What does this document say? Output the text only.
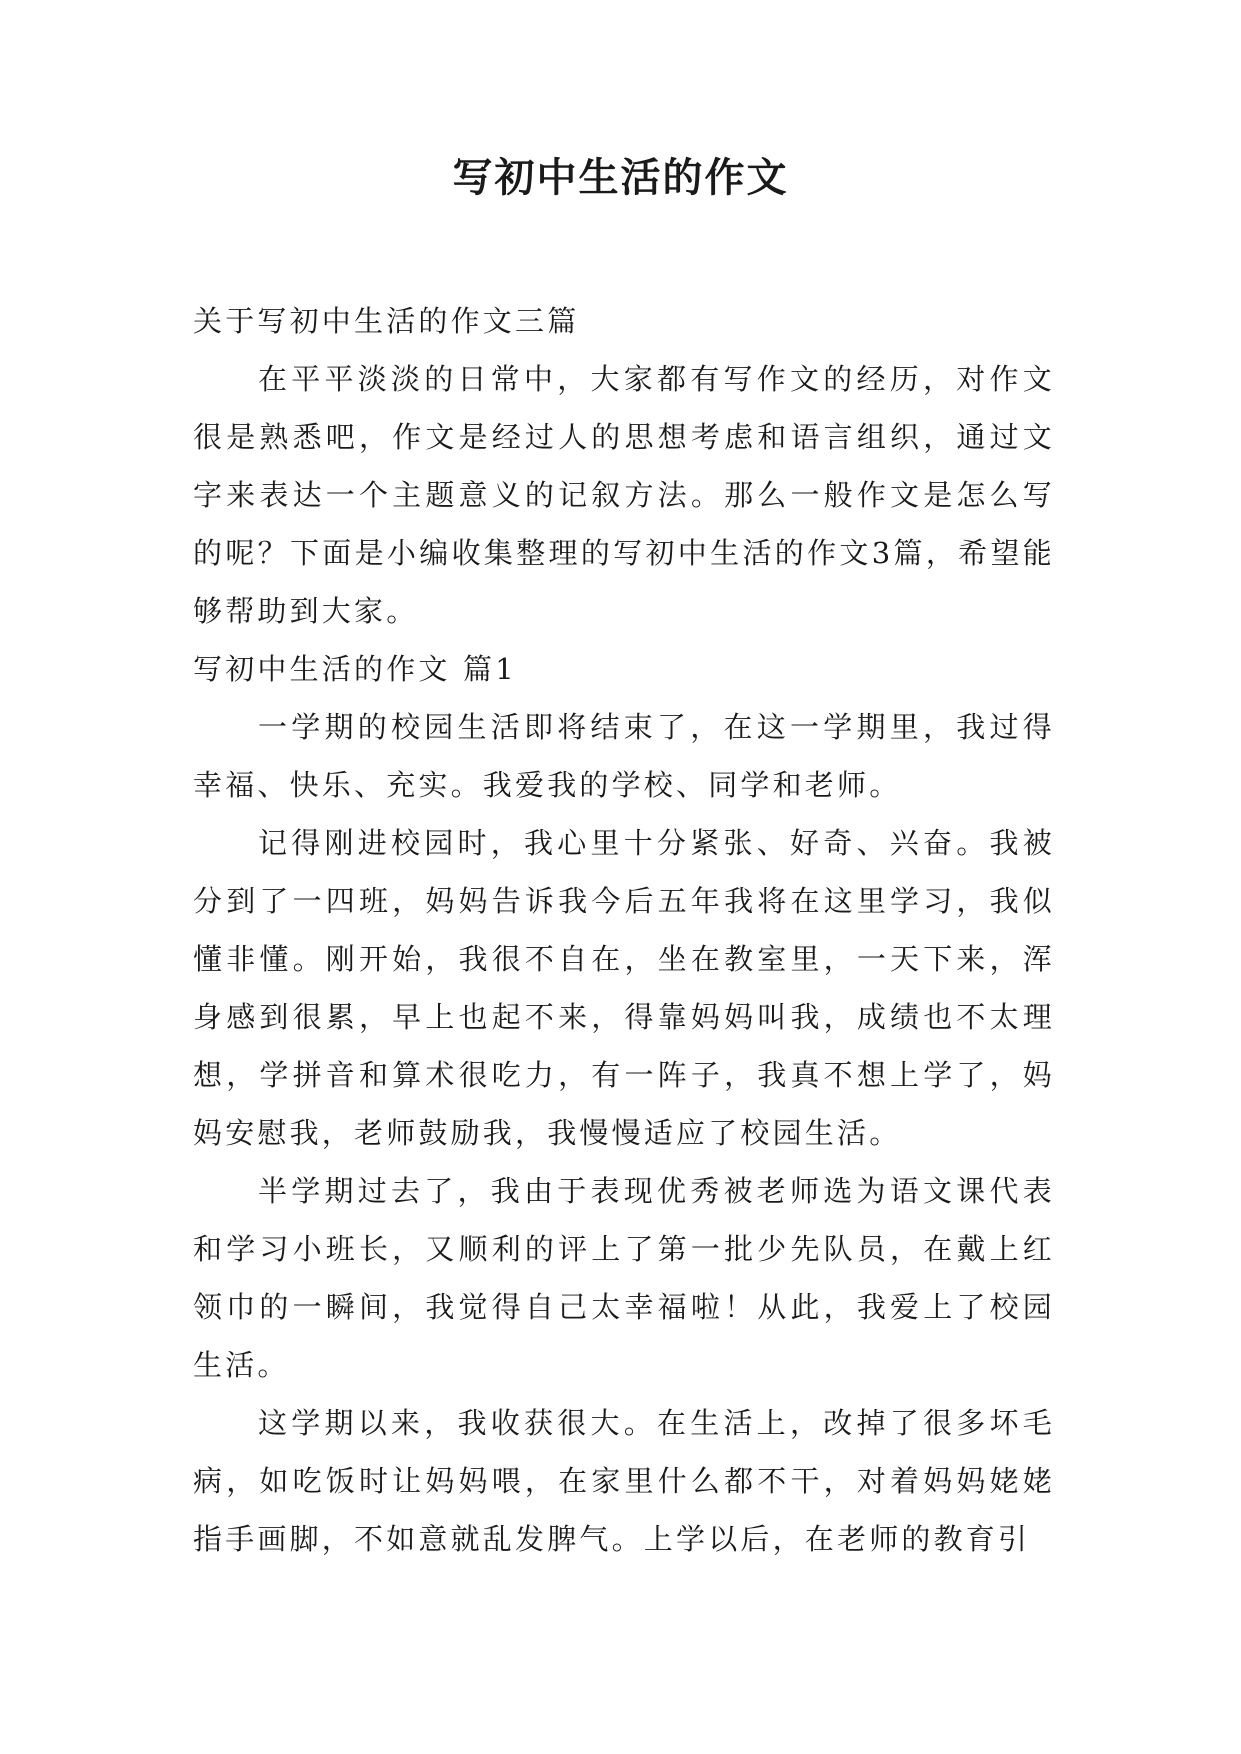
写初中生活的作文

关于写初中生活的作文三篇

在平平淡淡的日常中，大家都有写作文的经历，对作文很是熟悉吧，作文是经过人的思想考虑和语言组织，通过文字来表达一个主题意义的记叙方法。那么一般作文是怎么写的呢？下面是小编收集整理的写初中生活的作文3篇，希望能够帮助到大家。

写初中生活的作文 篇1

一学期的校园生活即将结束了，在这一学期里，我过得幸福、快乐、充实。我爱我的学校、同学和老师。

记得刚进校园时，我心里十分紧张、好奇、兴奋。我被分到了一四班，妈妈告诉我今后五年我将在这里学习，我似懂非懂。刚开始，我很不自在，坐在教室里，一天下来，浑身感到很累，早上也起不来，得靠妈妈叫我，成绩也不太理想，学拼音和算术很吃力，有一阵子，我真不想上学了，妈妈安慰我，老师鼓励我，我慢慢适应了校园生活。

半学期过去了，我由于表现优秀被老师选为语文课代表和学习小班长，又顺利的评上了第一批少先队员，在戴上红领巾的一瞬间，我觉得自己太幸福啦！从此，我爱上了校园生活。

这学期以来，我收获很大。在生活上，改掉了很多坏毛病，如吃饭时让妈妈喂，在家里什么都不干，对着妈妈姥姥指手画脚，不如意就乱发脾气。上学以后，在老师的教育引
